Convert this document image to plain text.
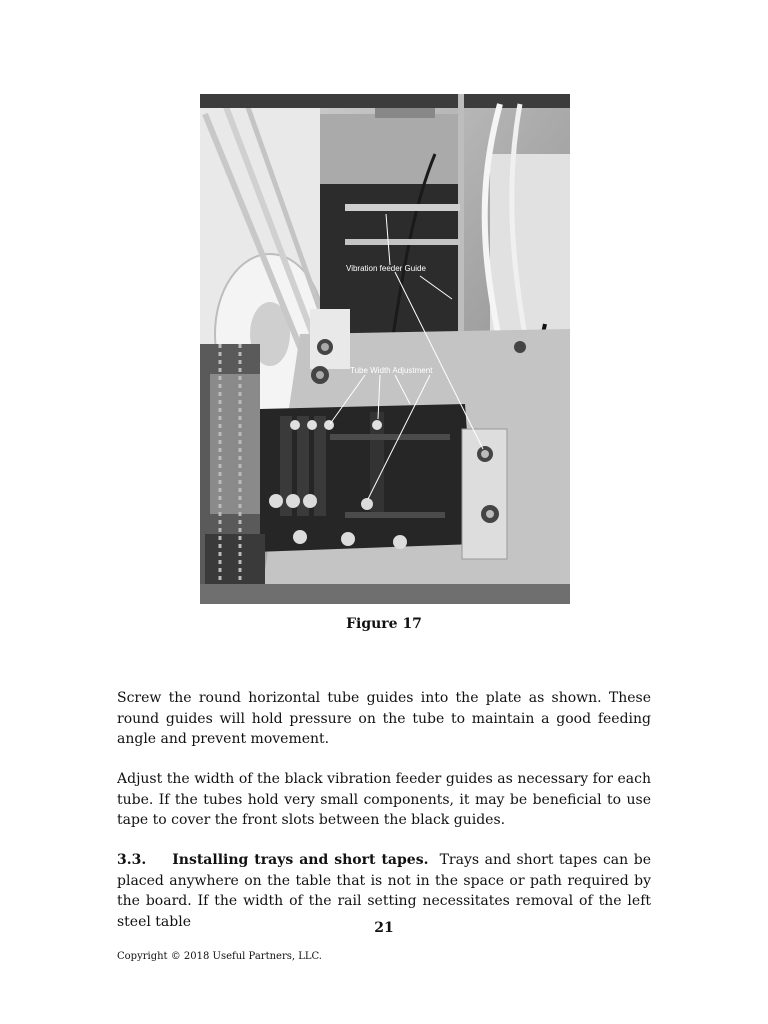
Vibration feeder Guide
Tube Width Adjustment
Figure 17

Screw the round horizontal tube guides into the plate as shown. These round guides will hold pressure on the tube to maintain a good feeding angle and prevent movement.

Adjust the width of the black vibration feeder guides as necessary for each tube. If the tubes hold very small components, it may be beneficial to use tape to cover the front slots between the black guides.

3.3. Installing trays and short tapes. Trays and short tapes can be placed anywhere on the table that is not in the space or path required by the board. If the width of the rail setting necessitates removal of the left steel table	21
Copyright © 2018 Useful Partners, LLC.
